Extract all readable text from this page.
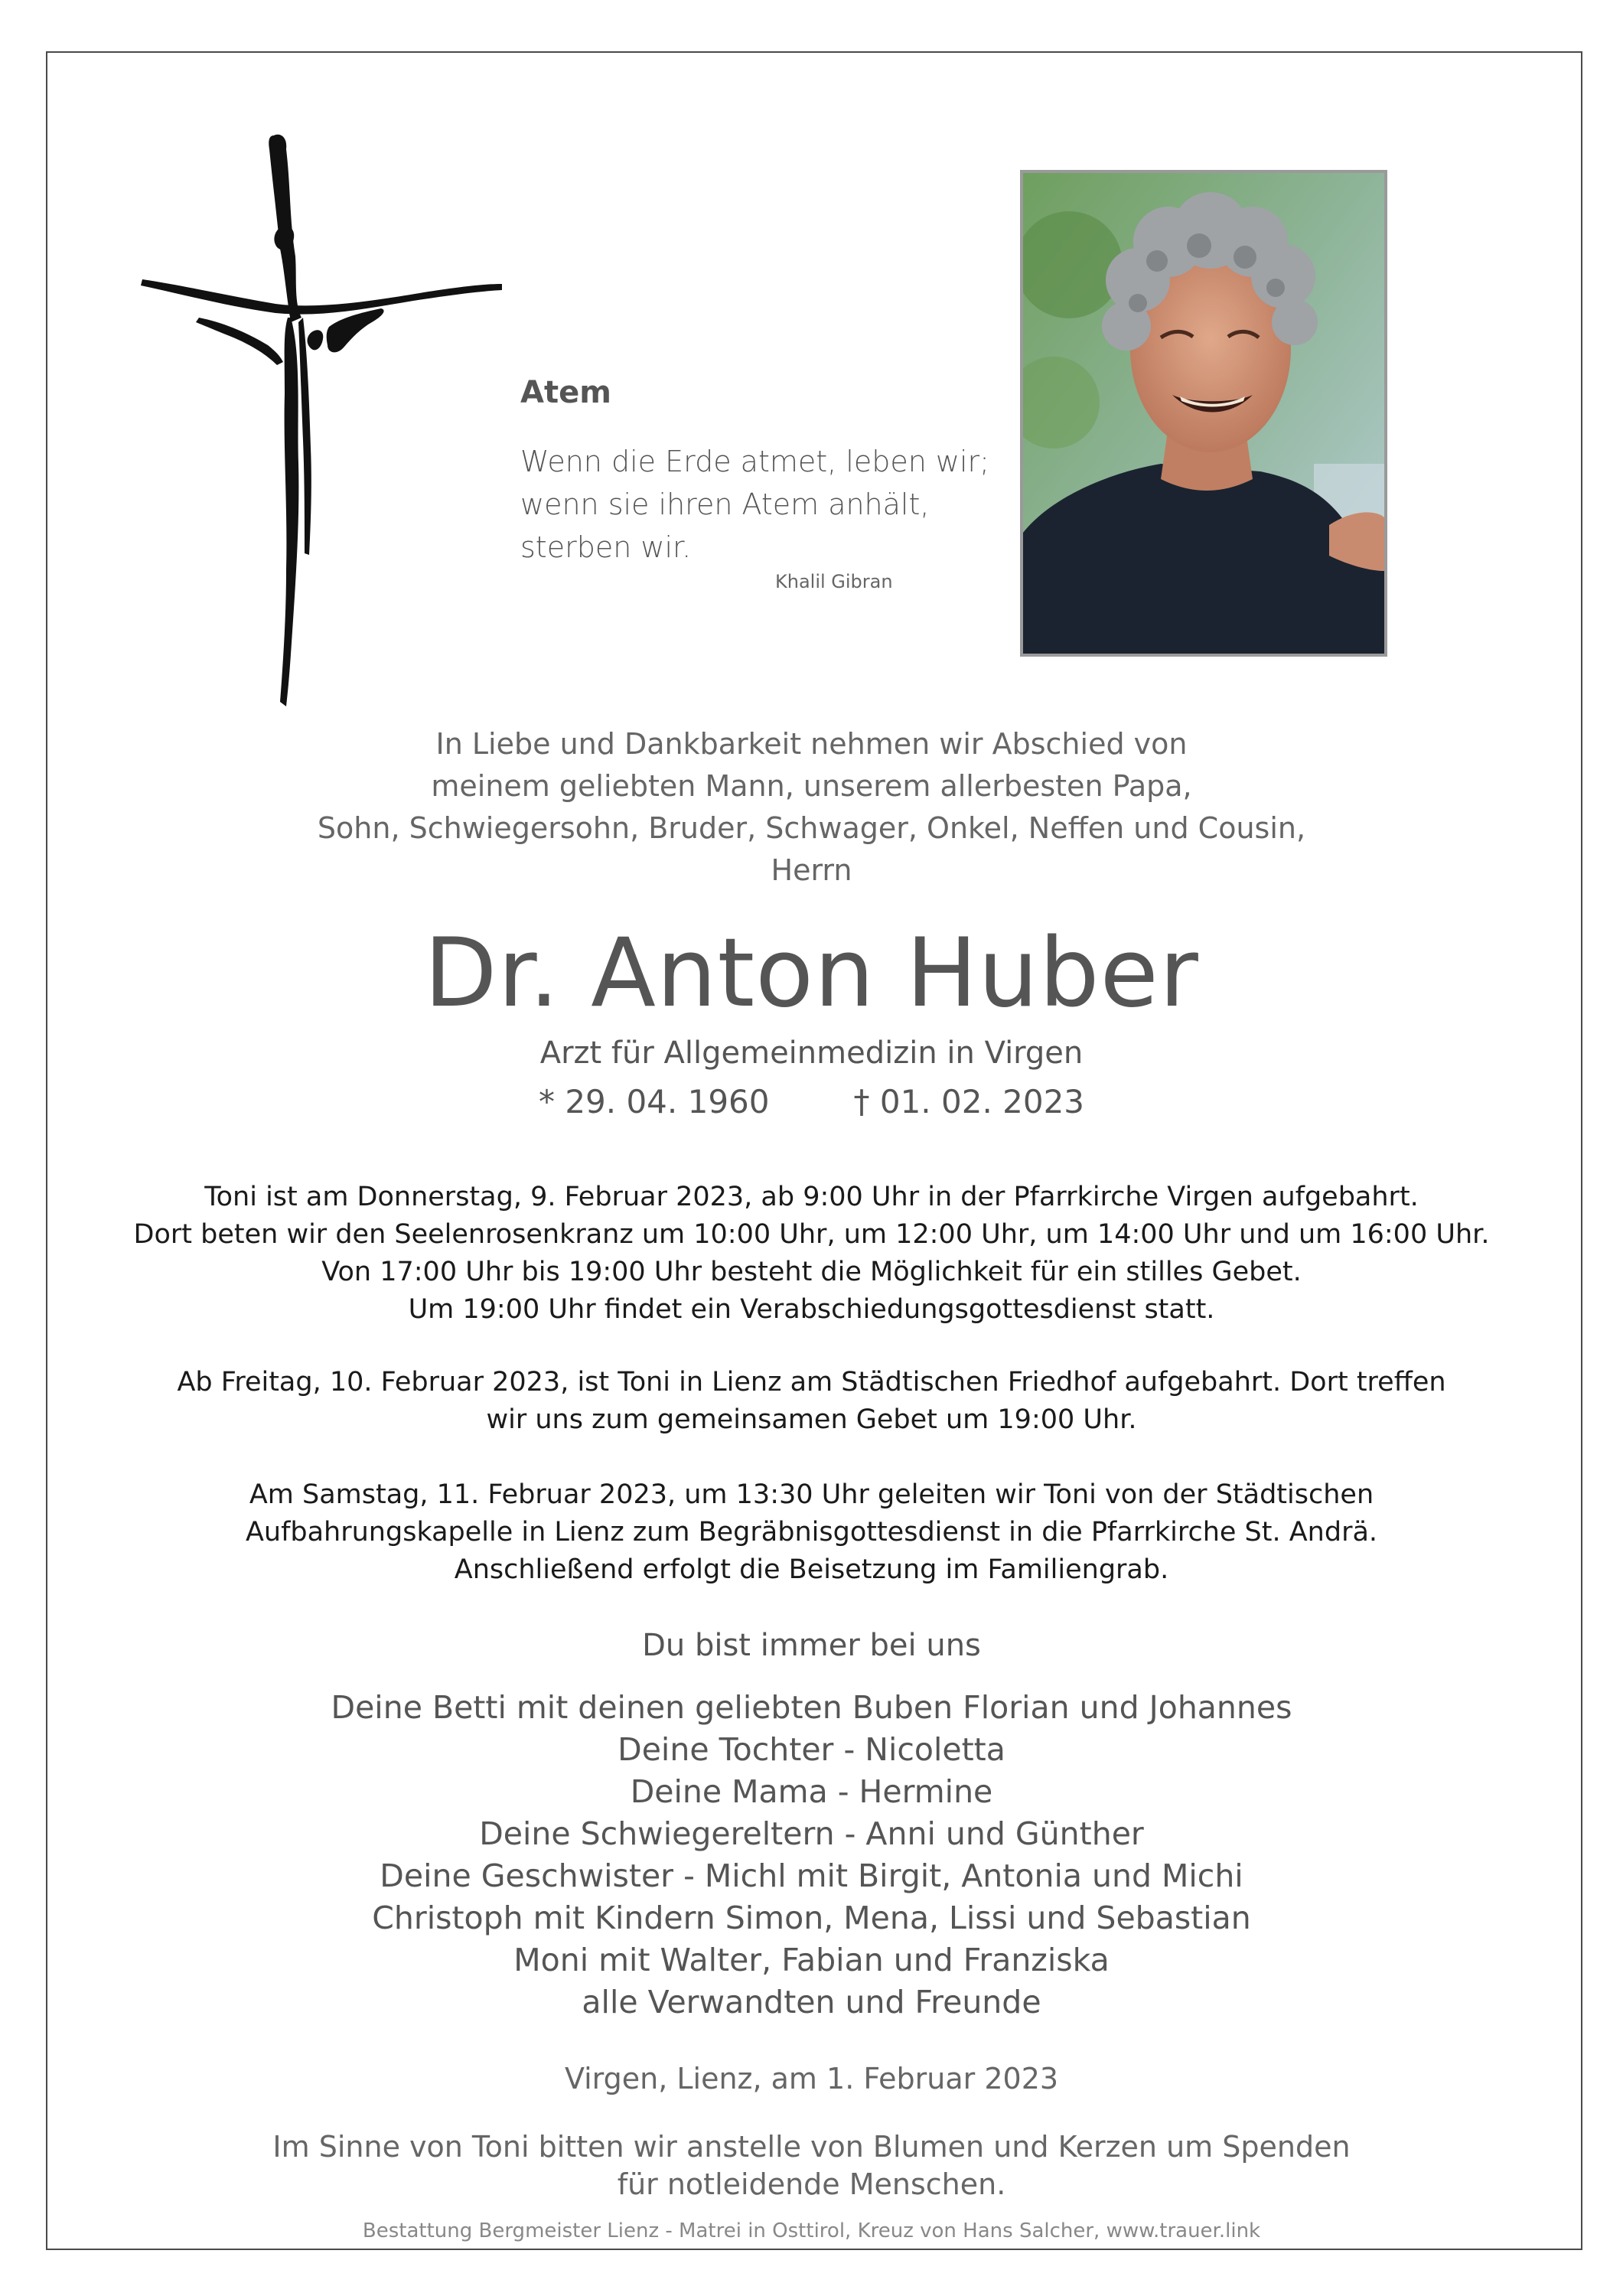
Atem
Wenn die Erde atmet, leben wir;
wenn sie ihren Atem anhält,
sterben wir.
Khalil Gibran
In Liebe und Dankbarkeit nehmen wir Abschied von
meinem geliebten Mann, unserem allerbesten Papa,
Sohn, Schwiegersohn, Bruder, Schwager, Onkel, Neffen und Cousin,
Herrn
Dr. Anton Huber
Arzt für Allgemeinmedizin in Virgen
* 29. 04. 1960	† 01. 02. 2023
Toni ist am Donnerstag, 9. Februar 2023, ab 9:00 Uhr in der Pfarrkirche Virgen aufgebahrt.
Dort beten wir den Seelenrosenkranz um 10:00 Uhr, um 12:00 Uhr, um 14:00 Uhr und um 16:00 Uhr.
Von 17:00 Uhr bis 19:00 Uhr besteht die Möglichkeit für ein stilles Gebet.
Um 19:00 Uhr findet ein Verabschiedungsgottesdienst statt.
Ab Freitag, 10. Februar 2023, ist Toni in Lienz am Städtischen Friedhof aufgebahrt. Dort treffen
wir uns zum gemeinsamen Gebet um 19:00 Uhr.
Am Samstag, 11. Februar 2023, um 13:30 Uhr geleiten wir Toni von der Städtischen
Aufbahrungskapelle in Lienz zum Begräbnisgottesdienst in die Pfarrkirche St. Andrä.
Anschließend erfolgt die Beisetzung im Familiengrab.
Du bist immer bei uns
Deine Betti mit deinen geliebten Buben Florian und Johannes
Deine Tochter - Nicoletta
Deine Mama - Hermine
Deine Schwiegereltern - Anni und Günther
Deine Geschwister - Michl mit Birgit, Antonia und Michi
Christoph mit Kindern Simon, Mena, Lissi und Sebastian
Moni mit Walter, Fabian und Franziska
alle Verwandten und Freunde
Virgen, Lienz, am 1. Februar 2023
Im Sinne von Toni bitten wir anstelle von Blumen und Kerzen um Spenden
für notleidende Menschen.
Bestattung Bergmeister Lienz - Matrei in Osttirol, Kreuz von Hans Salcher, www.trauer.link
